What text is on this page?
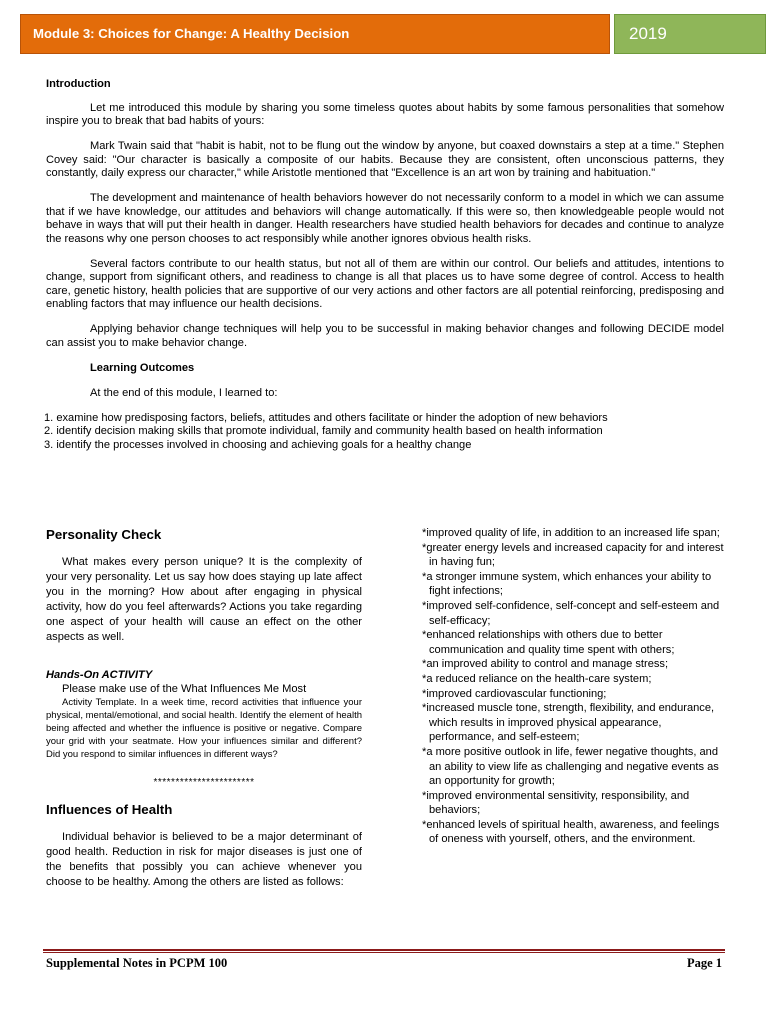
Module 3: Choices for Change: A Healthy Decision	2019
Introduction

Let me introduced this module by sharing you some timeless quotes about habits by some famous personalities that somehow inspire you to break that bad habits of yours:

Mark Twain said that "habit is habit, not to be flung out the window by anyone, but coaxed downstairs a step at a time." Stephen Covey said: "Our character is basically a composite of our habits. Because they are consistent, often unconscious patterns, they constantly, daily express our character," while Aristotle mentioned that "Excellence is an art won by training and habituation."

The development and maintenance of health behaviors however do not necessarily conform to a model in which we can assume that if we have knowledge, our attitudes and behaviors will change automatically. If this were so, then knowledgeable people would not behave in ways that will put their health in danger. Health researchers have studied health behaviors for decades and continue to analyze the reasons why one person chooses to act responsibly while another ignores obvious health risks.

Several factors contribute to our health status, but not all of them are within our control. Our beliefs and attitudes, intentions to change, support from significant others, and readiness to change is all that places us to have some degree of control. Access to health care, genetic history, health policies that are supportive of our very actions and other factors are all potential reinforcing, predisposing and enabling factors that may influence our health decisions.

Applying behavior change techniques will help you to be successful in making behavior changes and following DECIDE model can assist you to make behavior change.

Learning Outcomes

At the end of this module, I learned to:

1. examine how predisposing factors, beliefs, attitudes and others facilitate or hinder the adoption of new behaviors
2. identify decision making skills that promote individual, family and community health based on health information
3. identify the processes involved in choosing and achieving goals for a healthy change
Personality Check

What makes every person unique? It is the complexity of your very personality. Let us say how does staying up late affect you in the morning? How about after engaging in physical activity, how do you feel afterwards? Actions you take regarding one aspect of your health will cause an effect on the other aspects as well.

Hands-On ACTIVITY

Please make use of the What Influences Me Most

Activity Template. In a week time, record activities that influence your physical, mental/emotional, and social health. Identify the element of health being affected and whether the influence is positive or negative. Compare your grid with your seatmate. How your influences similar and different? Did you respond to similar influences in different ways?

***********************
Influences of Health

Individual behavior is believed to be a major determinant of good health. Reduction in risk for major diseases is just one of the benefits that possibly you can achieve whenever you choose to be healthy. Among the others are listed as follows:

*improved quality of life, in addition to an increased life span;
*greater energy levels and increased capacity for and interest in having fun;
*a stronger immune system, which enhances your ability to fight infections;
*improved self-confidence, self-concept and self-esteem and self-efficacy;
*enhanced relationships with others due to better communication and quality time spent with others;
*an improved ability to control and manage stress;
*a reduced reliance on the health-care system;
*improved cardiovascular functioning;
*increased muscle tone, strength, flexibility, and endurance, which results in improved physical appearance, performance, and self-esteem;
*a more positive outlook in life, fewer negative thoughts, and an ability to view life as challenging and negative events as an opportunity for growth;
*improved environmental sensitivity, responsibility, and behaviors;
*enhanced levels of spiritual health, awareness, and feelings of oneness with yourself, others, and the environment.
Supplemental Notes in PCPM 100	Page 1
